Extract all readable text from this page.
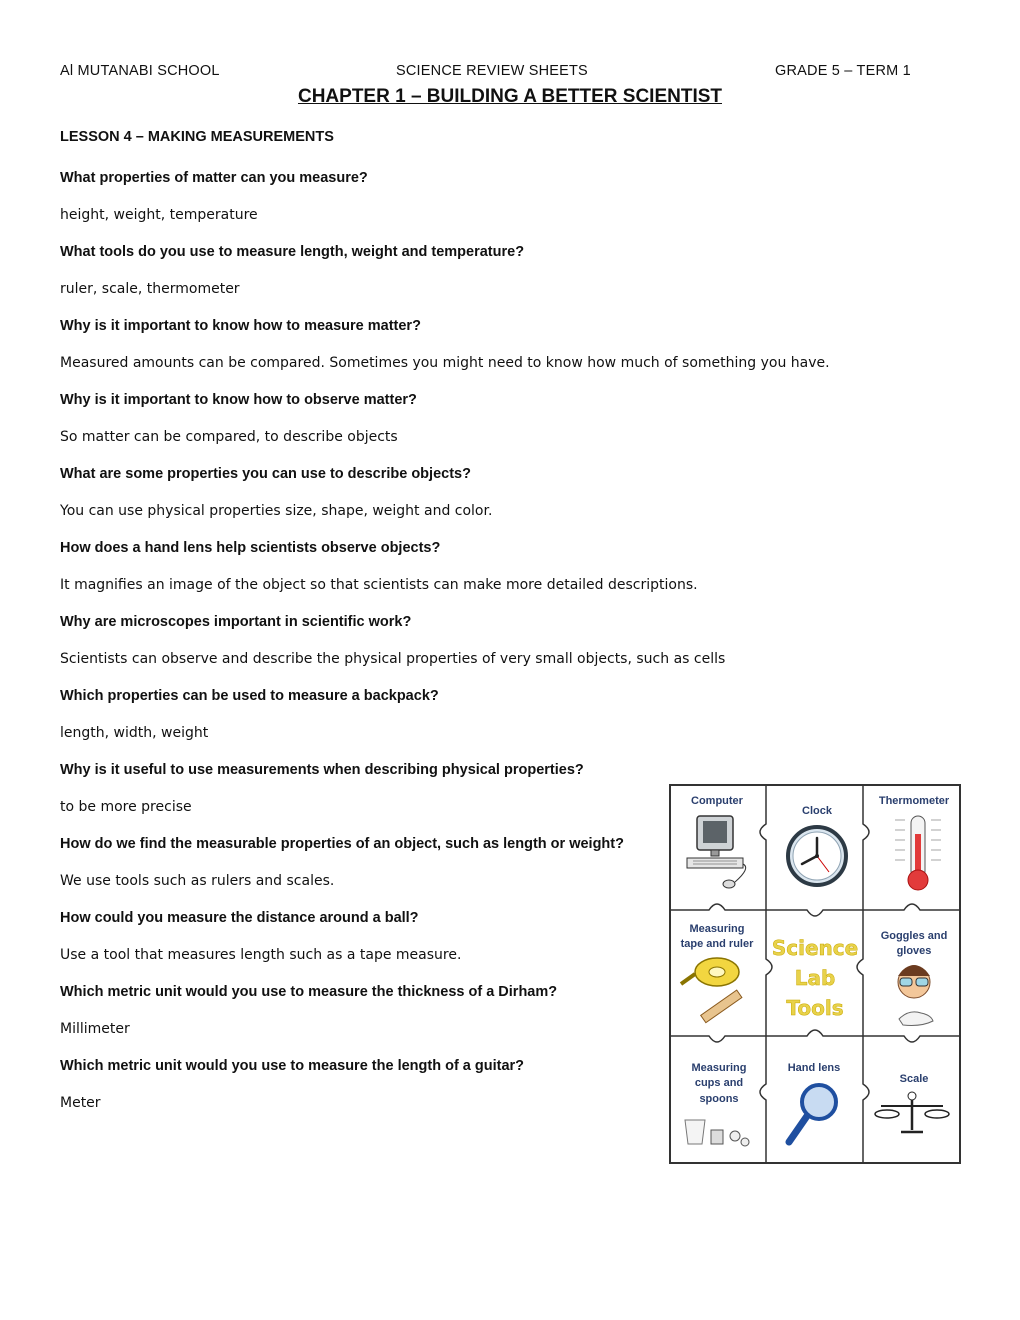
Al MUTANABI SCHOOL	SCIENCE REVIEW SHEETS	GRADE 5 – TERM 1
CHAPTER 1 – BUILDING A BETTER SCIENTIST
LESSON 4 – MAKING MEASUREMENTS

What properties of matter can you measure?

height, weight, temperature

What tools do you use to measure length, weight and temperature?

ruler, scale, thermometer

Why is it important to know how to measure matter?

Measured amounts can be compared. Sometimes you might need to know how much of something you have.

Why is it important to know how to observe matter?

So matter can be compared, to describe objects

What are some properties you can use to describe objects?

You can use physical properties size, shape, weight and color.

How does a hand lens help scientists observe objects?

It magnifies an image of the object so that scientists can make more detailed descriptions.

Why are microscopes important in scientific work?

Scientists can observe and describe the physical properties of very small objects, such as cells

Which properties can be used to measure a backpack?

length, width, weight

Why is it useful to use measurements when describing physical properties?

to be more precise

How do we find the measurable properties of an object, such as length or weight?

We use tools such as rulers and scales.

How could you measure the distance around a ball?

Use a tool that measures length such as a tape measure.

Which metric unit would you use to measure the thickness of a Dirham?

Millimeter

Which metric unit would you use to measure the length of a guitar?

Meter

Computer
Clock
Thermometer
Measuring
tape and ruler
Goggles and
gloves
Measuring
cups and
spoons
Hand lens
Scale
Science
Lab
Tools
